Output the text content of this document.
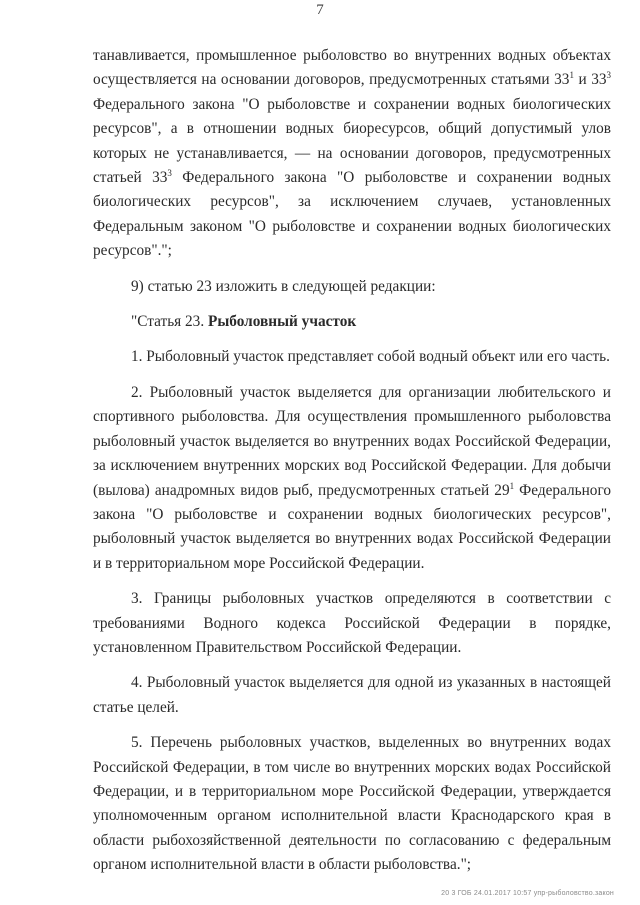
7

танавливается, промышленное рыболовство во внутренних водных объектах осуществляется на основании договоров, предусмотренных статьями $33^1$ и $33^3$ Федерального закона "О рыболовстве и сохранении водных биологических ресурсов", а в отношении водных биоресурсов, общий допустимый улов которых не устанавливается, — на основании договоров, предусмотренных статьей $33^3$ Федерального закона "О рыболовстве и сохранении водных биологических ресурсов", за исключением случаев, установленных Федеральным законом "О рыболовстве и сохранении водных биологических ресурсов".";

9) статью 23 изложить в следующей редакции:

"Статья 23. Рыболовный участок

1. Рыболовный участок представляет собой водный объект или его часть.

2. Рыболовный участок выделяется для организации любительского и спортивного рыболовства. Для осуществления промышленного рыболовства рыболовный участок выделяется во внутренних водах Российской Федерации, за исключением внутренних морских вод Российской Федерации. Для добычи (вылова) анадромных видов рыб, предусмотренных статьей $29^1$ Федерального закона "О рыболовстве и сохранении водных биологических ресурсов", рыболовный участок выделяется во внутренних водах Российской Федерации и в территориальном море Российской Федерации.

3. Границы рыболовных участков определяются в соответствии с требованиями Водного кодекса Российской Федерации в порядке, установленном Правительством Российской Федерации.

4. Рыболовный участок выделяется для одной из указанных в настоящей статье целей.

5. Перечень рыболовных участков, выделенных во внутренних водах Российской Федерации, в том числе во внутренних морских водах Российской Федерации, и в территориальном море Российской Федерации, утверждается уполномоченным органом исполнительной власти Краснодарского края в области рыбохозяйственной деятельности по согласованию с федеральным органом исполнительной власти в области рыболовства.";

20 3 ГОБ 24.01.2017 10:57 упр-рыболовство.закон
